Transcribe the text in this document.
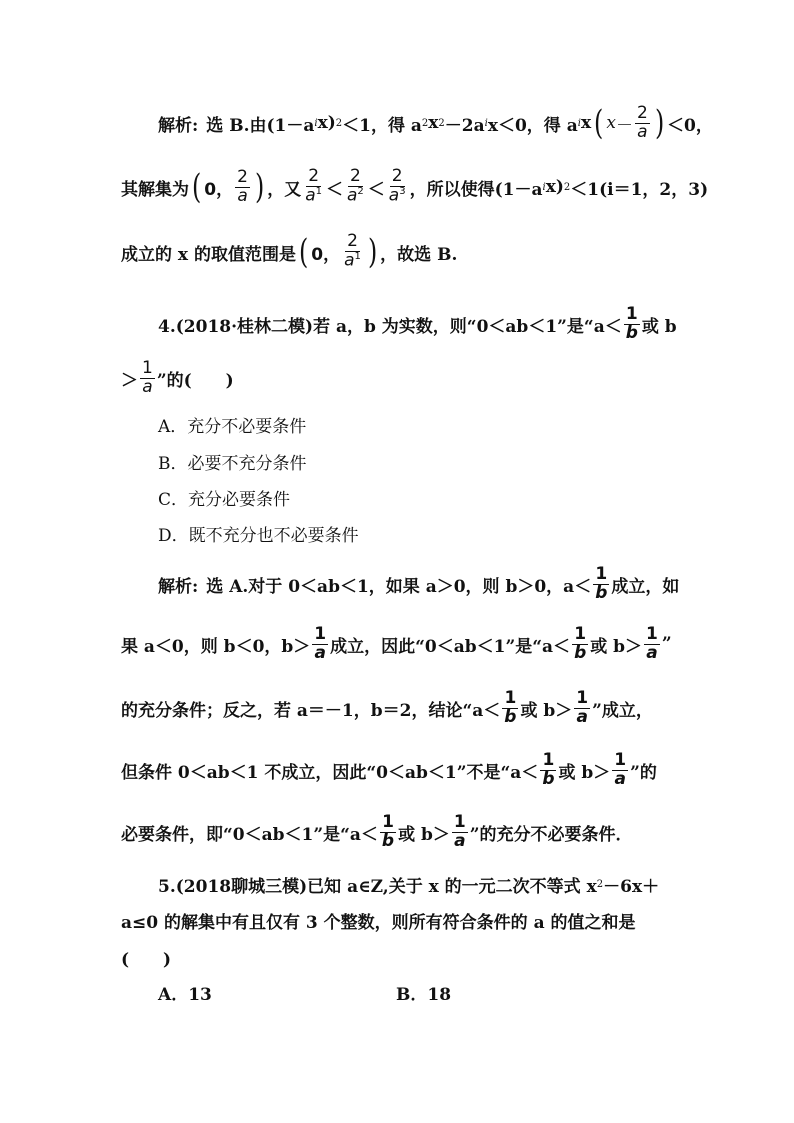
解析: 选 B.由(1－a i x) 2 ＜1，得 a 2 x 2 －2a i x＜0，得 a i x ( $x - \frac{2}{a}$ ) ＜0，
其解集为 ( 0， $\frac{2}{a}$ ) ，又 $\frac{2}{a^1} < \frac{2}{a^2} < \frac{2}{a^3}$ ，所以使得(1－a i x) 2 ＜1(i＝1，2，3)
成立的 x 的取值范围是 ( 0， $\frac{2}{a^1}$ ) ，故选 B.
4.(2018·桂林二模)若 a，b 为实数，则“0＜ab＜1”是“$a< \frac{1}{b}$ 或 b
＞ $\frac{1}{a}$ ”的(　　)
A．充分不必要条件
B．必要不充分条件
C．充分必要条件
D．既不充分也不必要条件
解析: 选 A.对于 0＜ab＜1，如果 a＞0，则 b＞0，$a< \frac{1}{b}$ 成立，如
果 a＜0，则 b＜0，$b> \frac{1}{a}$ 成立，因此“0＜ab＜1”是“$a< \frac{1}{b}$ 或 $b> \frac{1}{a}$ ”
的充分条件；反之，若 a＝－1，b＝2，结论“$a< \frac{1}{b}$ 或 $b> \frac{1}{a}$ ”成立，
但条件 0＜ab＜1 不成立，因此“0＜ab＜1”不是“$a< \frac{1}{b}$ 或 $b> \frac{1}{a}$ ”的
必要条件，即“0＜ab＜1”是“$a< \frac{1}{b}$ 或 $b> \frac{1}{a}$ ”的充分不必要条件．
5.(2018聊城三模)已知 a∈Z,关于 x 的一元二次不等式 x 2 －6x＋
a≤0 的解集中有且仅有 3 个整数，则所有符合条件的 a 的值之和是
(　　)
A．13	B．18
